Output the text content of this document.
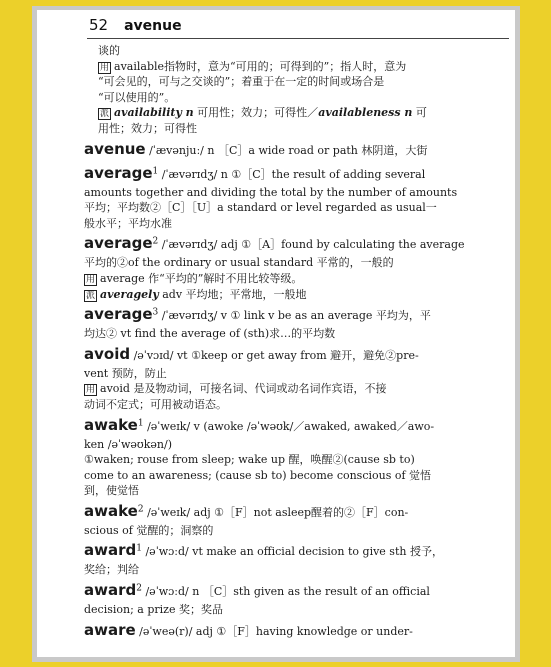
52 avenue
谈的
用 available指物时，意为“可用的；可得到的”；指人时，意为
“可会见的，可与之交谈的”；着重于在一定的时间或场合是
“可以使用的”。
派 availability n 可用性；效力；可得性／availableness n 可
用性；效力；可得性
avenue /ˈævənjuː/ n ［C］a wide road or path 林阴道，大街
average$^1$ /ˈævərɪdʒ/ n ①［C］the result of adding several
amounts together and dividing the total by the number of amounts
平均；平均数②［C］［U］a standard or level regarded as usual一
般水平；平均水准
average$^2$ /ˈævərɪdʒ/ adj ①［A］found by calculating the average
平均的②of the ordinary or usual standard 平常的，一般的
用 average 作“平均的”解时不用比较等级。
派 averagely adv 平均地；平常地，一般地
average$^3$ /ˈævərɪdʒ/ v ① link v be as an average 平均为，平
均达② vt find the average of (sth)求…的平均数
avoid /əˈvɔɪd/ vt ①keep or get away from 避开，避免②pre-
vent 预防，防止
用 avoid 是及物动词，可接名词、代词或动名词作宾语，不接
动词不定式；可用被动语态。
awake$^1$ /əˈweɪk/ v (awoke /əˈwəʊk/／awaked, awaked／awo-
ken /əˈwəʊkən/)
①waken; rouse from sleep; wake up 醒，唤醒②(cause sb to)
come to an awareness; (cause sb to) become conscious of 觉悟
到，使觉悟
awake$^2$ /əˈweɪk/ adj ①［F］not asleep醒着的②［F］con-
scious of 觉醒的；洞察的
award$^1$ /əˈwɔːd/ vt make an official decision to give sth 授予，
奖给；判给
award$^2$ /əˈwɔːd/ n ［C］sth given as the result of an official
decision; a prize 奖；奖品
aware /əˈweə(r)/ adj ①［F］having knowledge or under-
